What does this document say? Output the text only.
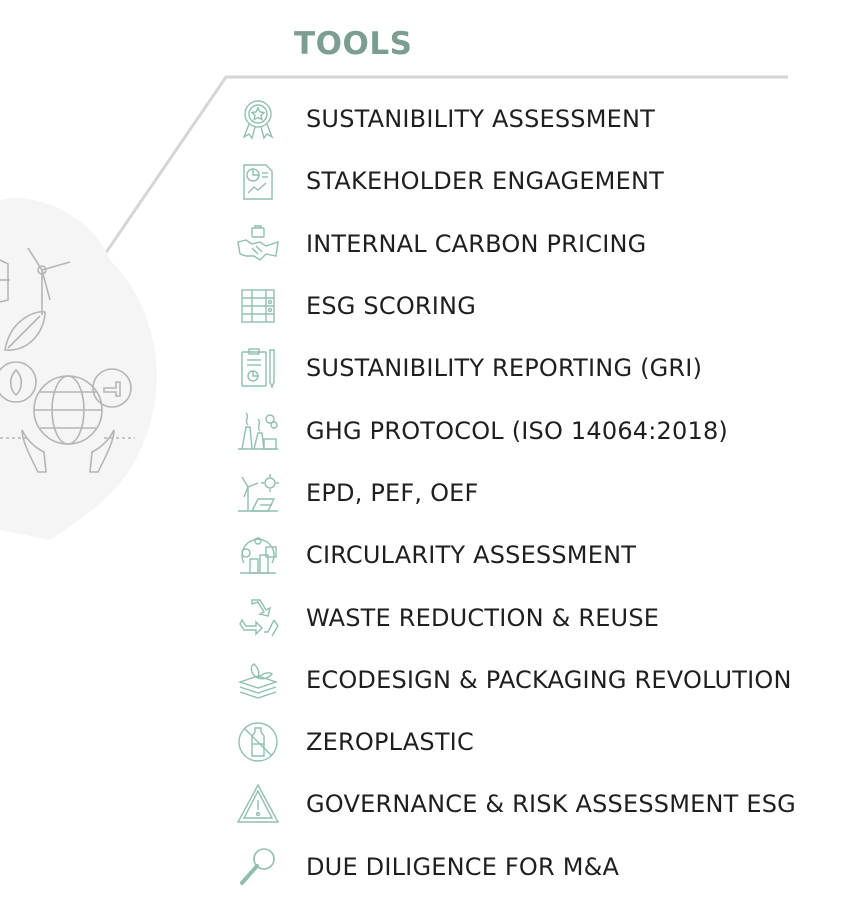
TOOLS
SUSTANIBILITY ASSESSMENT
STAKEHOLDER ENGAGEMENT
INTERNAL CARBON PRICING
ESG SCORING
SUSTANIBILITY REPORTING (GRI)
GHG PROTOCOL (ISO 14064:2018)
EPD, PEF, OEF
CIRCULARITY ASSESSMENT
WASTE REDUCTION & REUSE
ECODESIGN & PACKAGING REVOLUTION
ZEROPLASTIC
GOVERNANCE & RISK ASSESSMENT ESG
DUE DILIGENCE FOR M&A
